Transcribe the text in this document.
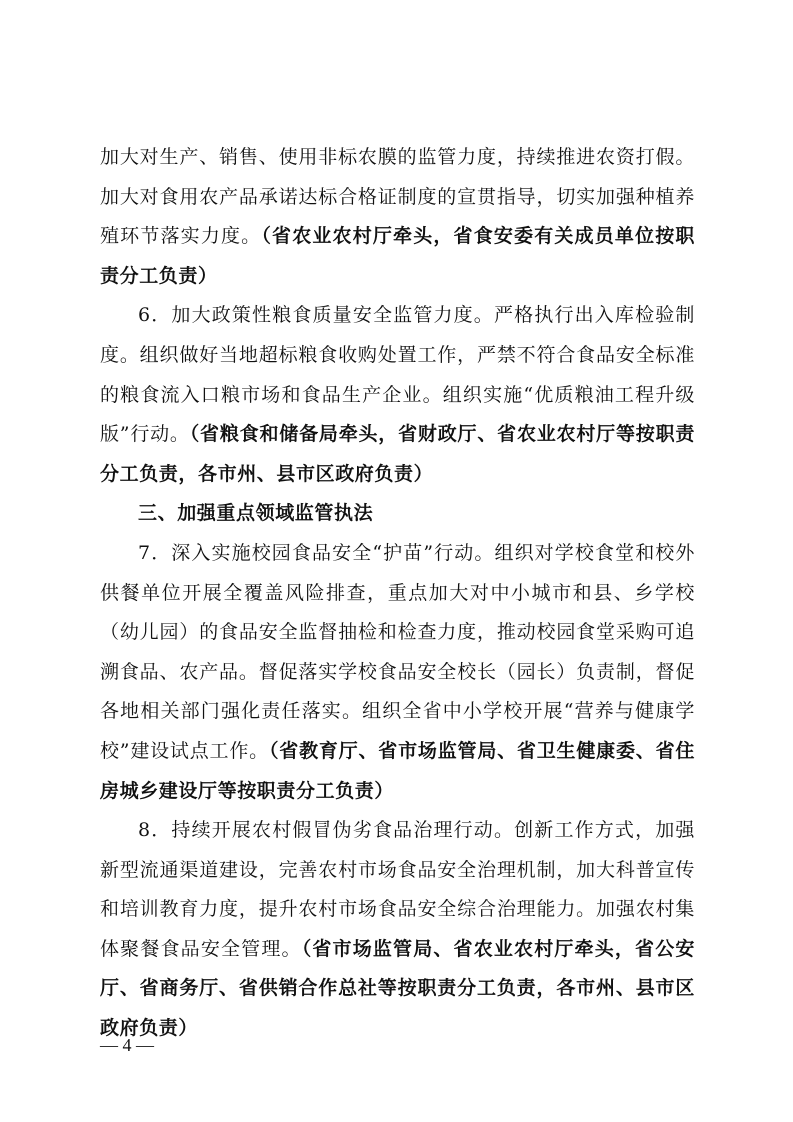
加大对生产、销售、使用非标农膜的监管力度，持续推进农资打假。加大对食用农产品承诺达标合格证制度的宣贯指导，切实加强种植养殖环节落实力度。（省农业农村厅牵头，省食安委有关成员单位按职责分工负责）

6．加大政策性粮食质量安全监管力度。严格执行出入库检验制度。组织做好当地超标粮食收购处置工作，严禁不符合食品安全标准的粮食流入口粮市场和食品生产企业。组织实施“优质粮油工程升级版”行动。（省粮食和储备局牵头，省财政厅、省农业农村厅等按职责分工负责，各市州、县市区政府负责）

三、加强重点领域监管执法

7．深入实施校园食品安全“护苗”行动。组织对学校食堂和校外供餐单位开展全覆盖风险排查，重点加大对中小城市和县、乡学校（幼儿园）的食品安全监督抽检和检查力度，推动校园食堂采购可追溯食品、农产品。督促落实学校食品安全校长（园长）负责制，督促各地相关部门强化责任落实。组织全省中小学校开展“营养与健康学校”建设试点工作。（省教育厅、省市场监管局、省卫生健康委、省住房城乡建设厅等按职责分工负责）

8．持续开展农村假冒伪劣食品治理行动。创新工作方式，加强新型流通渠道建设，完善农村市场食品安全治理机制，加大科普宣传和培训教育力度，提升农村市场食品安全综合治理能力。加强农村集体聚餐食品安全管理。（省市场监管局、省农业农村厅牵头，省公安厅、省商务厅、省供销合作总社等按职责分工负责，各市州、县市区政府负责）

— 4 —
